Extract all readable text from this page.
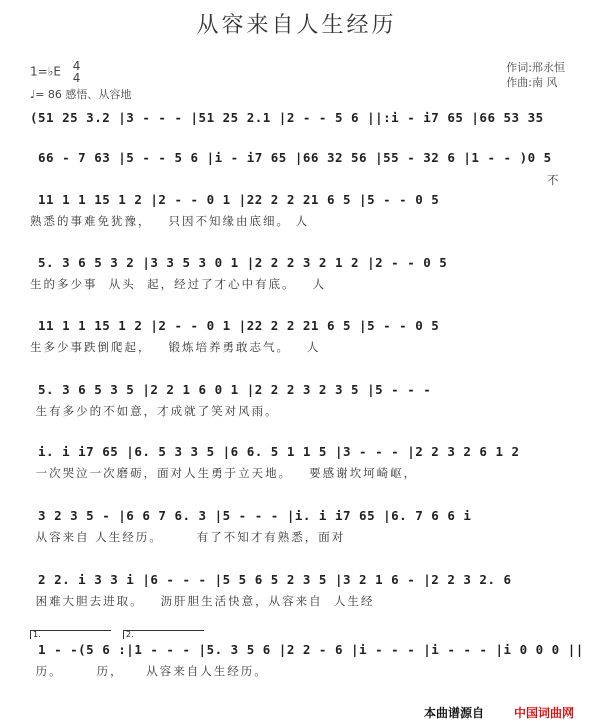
从容来自人生经历
1=♭E 4
4
♩= 86 感悟、从容地
作词:邢永恒
作曲:南 风
(51 25 3.2 |3 - - - |51 25 2.1 |2 - - 5 6 ||:i - i7 65 |66 53 35
66 - 7 63 |5 - - 5 6 |i - i7 65 |66 32 56 |55 - 32 6 |1 - - )0 5
不
11 1 1 15 1 2 |2 - - 0 1 |22 2 2 21 6 5 |5 - - 0 5
熟悉的事难免犹豫，   只因不知缘由底细。 人
5. 3 6 5 3 2 |3 3 5 3 0 1 |2 2 2 3 2 1 2 |2 - - 0 5
生的多少事  从头  起，经过了才心中有底。   人
11 1 1 15 1 2 |2 - - 0 1 |22 2 2 21 6 5 |5 - - 0 5
生多少事跌倒爬起，   锻炼培养勇敢志气。   人
5. 3 6 5 3 5 |2 2 1 6 0 1 |2 2 2 3 2 3 5 |5 - - -
生有多少的不如意，才成就了笑对风雨。
i. i i7 65 |6. 5 3 3 5 |6 6. 5 1 1 5 |3 - - - |2 2 3 2 6 1 2
一次哭泣一次磨砺，面对人生勇于立天地。   要感谢坎坷崎岖，
3 2 3 5 - |6 6 7 6. 3 |5 - - - |i. i i7 65 |6. 7 6 6 i
从容来自 人生经历。      有了不知才有熟悉，面对
2 2. i 3 3 i |6 - - - |5 5 6 5 2 3 5 |3 2 1 6 - |2 2 3 2. 6
困难大胆去进取。   沥肝胆生活快意，从容来自  人生经
1.	2.
1 - -(5 6 :|1 - - - |5. 3 5 6 |2 2 - 6 |i - - - |i - - - |i 0 0 0 ||
历。      历，    从容来自人生经历。
本曲谱源自 中国词曲网
